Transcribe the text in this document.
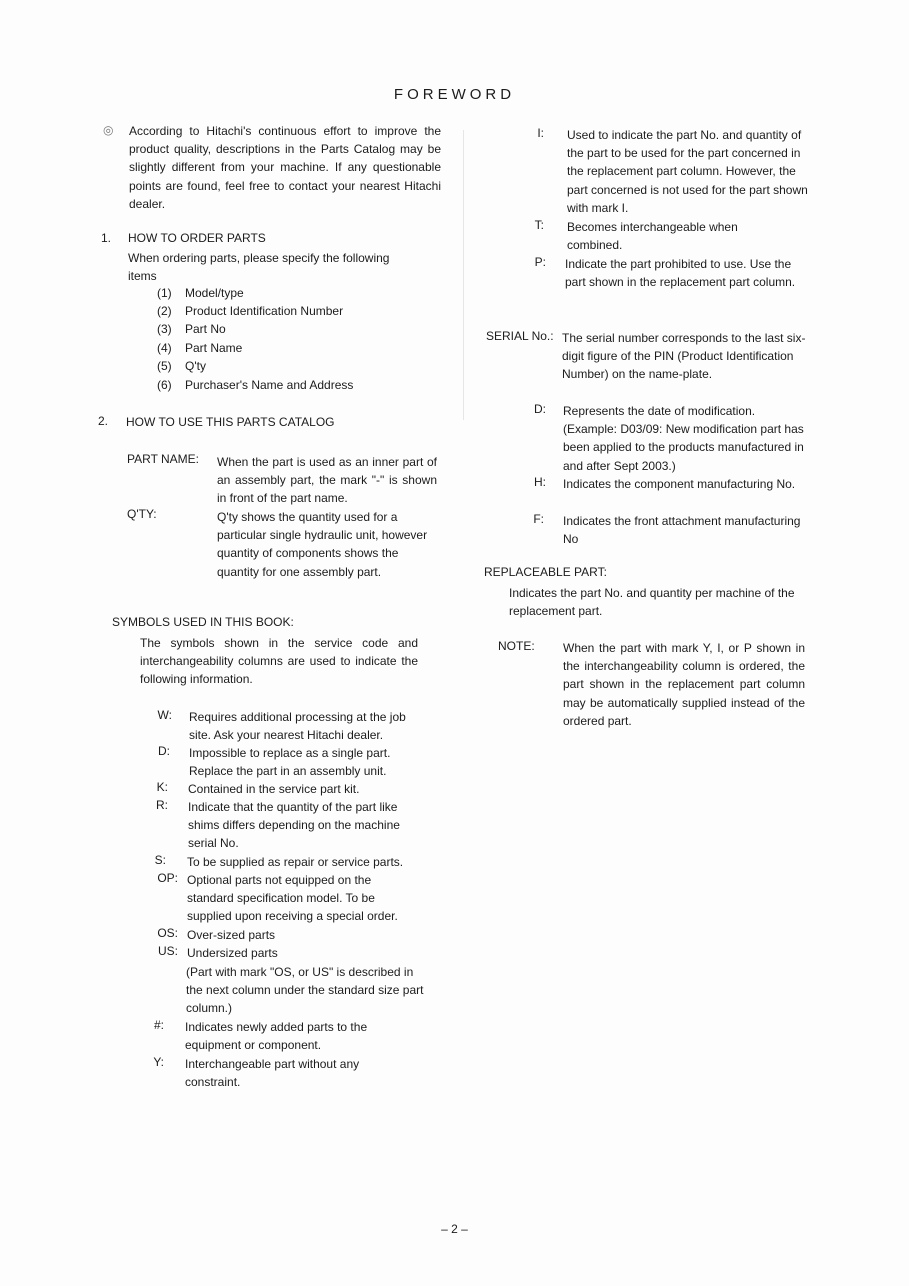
FOREWORD
◎ According to Hitachi's continuous effort to improve the product quality, descriptions in the Parts Catalog may be slightly different from your machine. If any questionable points are found, feel free to contact your nearest Hitachi dealer.
1. HOW TO ORDER PARTS
When ordering parts, please specify the following items
(1) Model/type
(2) Product Identification Number
(3) Part No
(4) Part Name
(5) Q'ty
(6) Purchaser's Name and Address
2. HOW TO USE THIS PARTS CATALOG
PART NAME: When the part is used as an inner part of an assembly part, the mark "-" is shown in front of the part name.
Q'TY:	Q'ty shows the quantity used for a particular single hydraulic unit, however quantity of components shows the quantity for one assembly part.
SYMBOLS USED IN THIS BOOK:
The symbols shown in the service code and interchangeability columns are used to indicate the following information.
W: Requires additional processing at the job site. Ask your nearest Hitachi dealer.
D: Impossible to replace as a single part. Replace the part in an assembly unit.
K: Contained in the service part kit.
R: Indicate that the quantity of the part like shims differs depending on the machine serial No.
S: To be supplied as repair or service parts.
OP: Optional parts not equipped on the standard specification model. To be supplied upon receiving a special order.
OS: Over-sized parts
US: Undersized parts
(Part with mark "OS, or US" is described in the next column under the standard size part column.)
#: Indicates newly added parts to the equipment or component.
Y: Interchangeable part without any constraint.
I: Used to indicate the part No. and quantity of the part to be used for the part concerned in the replacement part column. However, the part concerned is not used for the part shown with mark I.
T: Becomes interchangeable when combined.
P: Indicate the part prohibited to use. Use the part shown in the replacement part column.
SERIAL No.: The serial number corresponds to the last six-digit figure of the PIN (Product Identification Number) on the name-plate.
D: Represents the date of modification. (Example: D03/09: New modification part has been applied to the products manufactured in and after Sept 2003.)
H: Indicates the component manufacturing No.
F: Indicates the front attachment manufacturing No
REPLACEABLE PART:
Indicates the part No. and quantity per machine of the replacement part.
NOTE: When the part with mark Y, I, or P shown in the interchangeability column is ordered, the part shown in the replacement part column may be automatically supplied instead of the ordered part.
– 2 –
